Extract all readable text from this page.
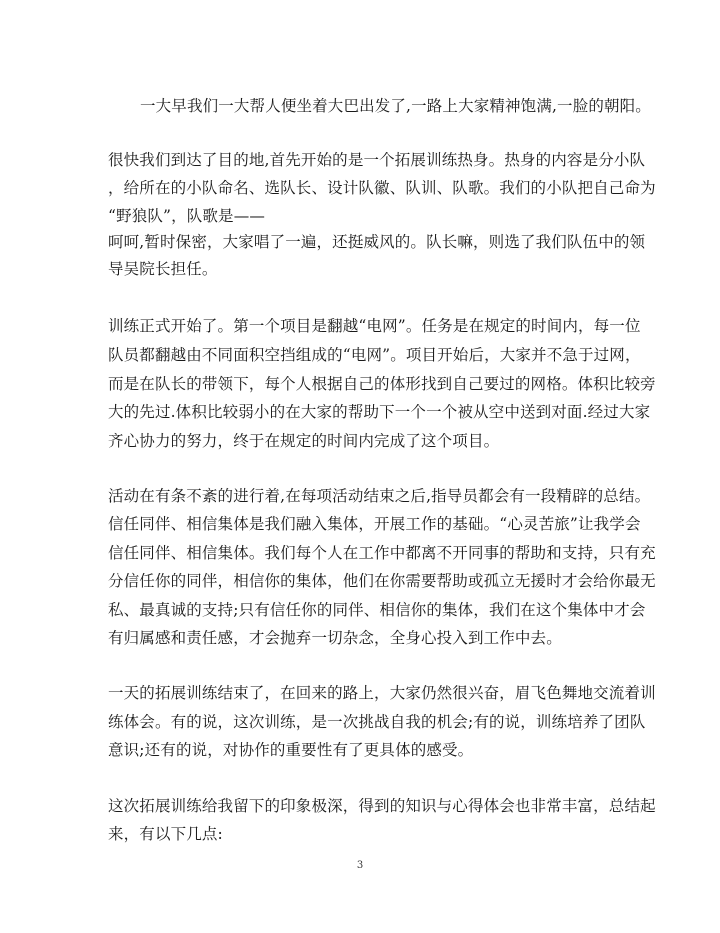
一大早我们一大帮人便坐着大巴出发了,一路上大家精神饱满,一脸的朝阳。
很快我们到达了目的地,首先开始的是一个拓展训练热身。热身的内容是分小队
，给所在的小队命名、选队长、设计队徽、队训、队歌。我们的小队把自己命为
“野狼队”，队歌是——
呵呵,暂时保密，大家唱了一遍，还挺威风的。队长嘛，则选了我们队伍中的领
导吴院长担任。
训练正式开始了。第一个项目是翻越“电网”。任务是在规定的时间内，每一位
队员都翻越由不同面积空挡组成的“电网”。项目开始后，大家并不急于过网，
而是在队长的带领下，每个人根据自己的体形找到自己要过的网格。体积比较旁
大的先过.体积比较弱小的在大家的帮助下一个一个被从空中送到对面.经过大家
齐心协力的努力，终于在规定的时间内完成了这个项目。
活动在有条不紊的进行着,在每项活动结束之后,指导员都会有一段精辟的总结。
信任同伴、相信集体是我们融入集体，开展工作的基础。“心灵苦旅”让我学会
信任同伴、相信集体。我们每个人在工作中都离不开同事的帮助和支持，只有充
分信任你的同伴，相信你的集体，他们在你需要帮助或孤立无援时才会给你最无
私、最真诚的支持;只有信任你的同伴、相信你的集体，我们在这个集体中才会
有归属感和责任感，才会抛弃一切杂念，全身心投入到工作中去。
一天的拓展训练结束了，在回来的路上，大家仍然很兴奋，眉飞色舞地交流着训
练体会。有的说，这次训练，是一次挑战自我的机会;有的说，训练培养了团队
意识;还有的说，对协作的重要性有了更具体的感受。
这次拓展训练给我留下的印象极深，得到的知识与心得体会也非常丰富，总结起
来，有以下几点:
3
